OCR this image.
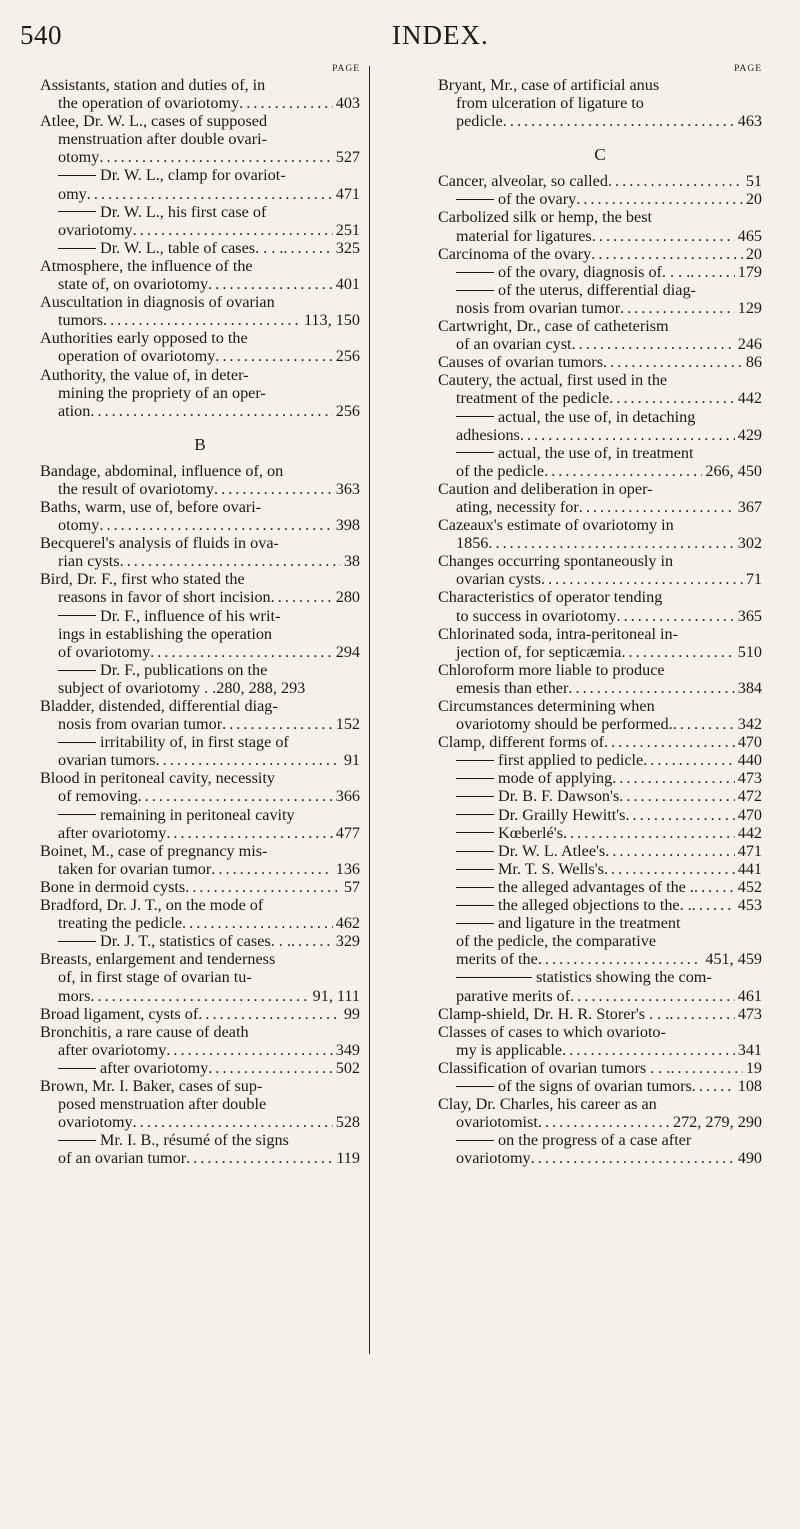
540	INDEX.
PAGE
Assistants, station and duties of, in
the operation of ovariotomy . . .	403
Atlee, Dr. W. L., cases of supposed
menstruation after double ovari-
otomy . . .	527
Dr. W. L., clamp for ovariot-
omy . . .	471
Dr. W. L., his first case of
ovariotomy . . .	251
Dr. W. L., table of cases. . . . . . .	325
Atmosphere, the influence of the
state of, on ovariotomy . . .	401
Auscultation in diagnosis of ovarian
tumors . . .	113, 150
Authorities early opposed to the
operation of ovariotomy . . .	256
Authority, the value of, in deter-
mining the propriety of an oper-
ation . . .	256
B
Bandage, abdominal, influence of, on
the result of ovariotomy . . .	363
Baths, warm, use of, before ovari-
otomy . . .	398
Becquerel's analysis of fluids in ova-
rian cysts . . .	38
Bird, Dr. F., first who stated the
reasons in favor of short incision . . .	280
Dr. F., influence of his writ-
ings in establishing the operation
of ovariotomy . . .	294
Dr. F., publications on the
subject of ovariotomy . .280, 288, 293
Bladder, distended, differential diag-
nosis from ovarian tumor . . .	152
irritability of, in first stage of
ovarian tumors . . .	91
Blood in peritoneal cavity, necessity
of removing . . .	366
remaining in peritoneal cavity
after ovariotomy . . .	477
Boinet, M., case of pregnancy mis-
taken for ovarian tumor . . .	136
Bone in dermoid cysts . . .	57
Bradford, Dr. J. T., on the mode of
treating the pedicle . . .	462
Dr. J. T., statistics of cases. . . . . .	329
Breasts, enlargement and tenderness
of, in first stage of ovarian tu-
mors . . .	91, 111
Broad ligament, cysts of . . .	99
Bronchitis, a rare cause of death
after ovariotomy . . .	349
after ovariotomy . . .	502
Brown, Mr. I. Baker, cases of sup-
posed menstruation after double
ovariotomy . . .	528
Mr. I. B., résumé of the signs
of an ovarian tumor . . .	119
PAGE
Bryant, Mr., case of artificial anus
from ulceration of ligature to
pedicle . . .	463
C
Cancer, alveolar, so called . . .	51
of the ovary . . .	20
Carbolized silk or hemp, the best
material for ligatures . . .	465
Carcinoma of the ovary . . .	20
of the ovary, diagnosis of. . . . . . .	179
of the uterus, differential diag-
nosis from ovarian tumor . . .	129
Cartwright, Dr., case of catheterism
of an ovarian cyst . . .	246
Causes of ovarian tumors . . .	86
Cautery, the actual, first used in the
treatment of the pedicle . . .	442
actual, the use of, in detaching
adhesions . . .	429
actual, the use of, in treatment
of the pedicle . . .	266, 450
Caution and deliberation in oper-
ating, necessity for . . .	367
Cazeaux's estimate of ovariotomy in
1856 . . .	302
Changes occurring spontaneously in
ovarian cysts . . .	71
Characteristics of operator tending
to success in ovariotomy . . .	365
Chlorinated soda, intra-peritoneal in-
jection of, for septicæmia . . .	510
Chloroform more liable to produce
emesis than ether . . .	384
Circumstances determining when
ovariotomy should be performed. . . .	342
Clamp, different forms of . . .	470
first applied to pedicle . . .	440
mode of applying . . .	473
Dr. B. F. Dawson's . . .	472
Dr. Grailly Hewitt's . . .	470
Kœberlé's . . .	442
Dr. W. L. Atlee's . . .	471
Mr. T. S. Wells's . . .	441
the alleged advantages of the . . . .	452
the alleged objections to the. . . . .	453
and ligature in the treatment
of the pedicle, the comparative
merits of the . . .	451, 459
statistics showing the com-
parative merits of . . .	461
Clamp-shield, Dr. H. R. Storer's . . . . . .	473
Classes of cases to which ovarioto-
my is applicable . . .	341
Classification of ovarian tumors . . . . . .	19
of the signs of ovarian tumors . . .	108
Clay, Dr. Charles, his career as an
ovariotomist . . .	272, 279, 290
on the progress of a case after
ovariotomy . . .	490
